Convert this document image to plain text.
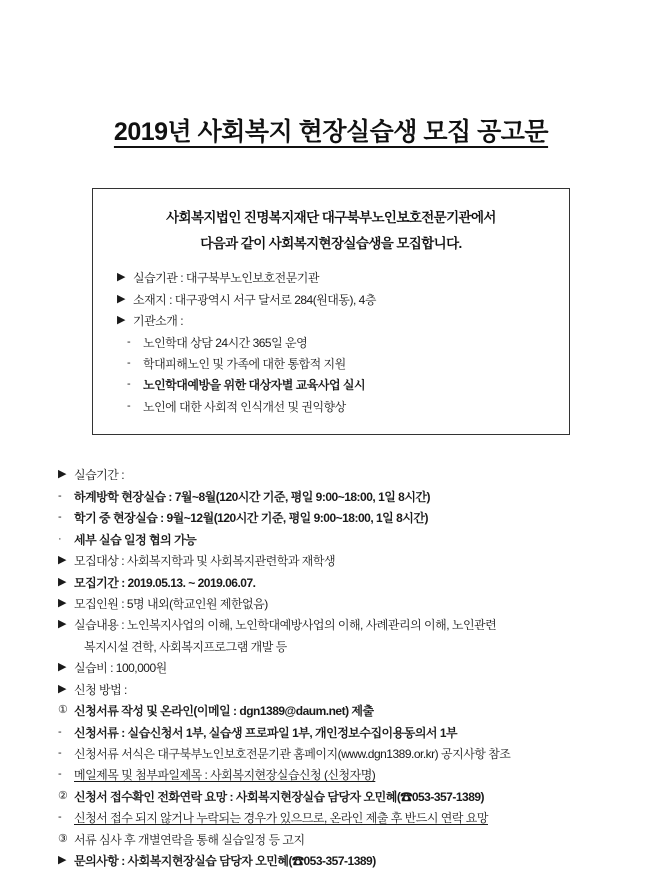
2019년 사회복지 현장실습생 모집 공고문
사회복지법인 진명복지재단 대구북부노인보호전문기관에서
다음과 같이 사회복지현장실습생을 모집합니다.
▶ 실습기관 : 대구북부노인보호전문기관
▶ 소재지 : 대구광역시 서구 달서로 284(원대동), 4층
▶ 기관소개 :
-	노인학대 상담 24시간 365일 운영
-	학대피해노인 및 가족에 대한 통합적 지원
-	노인학대예방을 위한 대상자별 교육사업 실시
-	노인에 대한 사회적 인식개선 및 권익향상
▶ 실습기간 :
-	하계방학 현장실습 : 7월~8월(120시간 기준, 평일 9:00~18:00, 1일 8시간)
-	학기 중 현장실습 : 9월~12월(120시간 기준, 평일 9:00~18:00, 1일 8시간)
·	세부 실습 일정 협의 가능
▶ 모집대상 : 사회복지학과 및 사회복지관련학과 재학생
▶ 모집기간 : 2019.05.13. ~ 2019.06.07.
▶ 모집인원 : 5명 내외(학교인원 제한없음)
▶ 실습내용 : 노인복지사업의 이해, 노인학대예방사업의 이해, 사례관리의 이해, 노인관련
복지시설 견학, 사회복지프로그램 개발 등
▶ 실습비 : 100,000원
▶ 신청 방법 :
① 신청서류 작성 및 온라인(이메일 : dgn1389@daum.net) 제출
-	신청서류 : 실습신청서 1부, 실습생 프로파일 1부, 개인정보수집이용동의서 1부
-	신청서류 서식은 대구북부노인보호전문기관 홈페이지(www.dgn1389.or.kr) 공지사항 참조
-	메일제목 및 첨부파일제목 : 사회복지현장실습신청 (신청자명)
② 신청서 접수확인 전화연락 요망 : 사회복지현장실습 담당자 오민혜(☎053-357-1389)
-	신청서 접수 되지 않거나 누락되는 경우가 있으므로, 온라인 제출 후 반드시 연락 요망
③ 서류 심사 후 개별연락을 통해 실습일정 등 고지
▶ 문의사항 : 사회복지현장실습 담당자 오민혜(☎053-357-1389)
